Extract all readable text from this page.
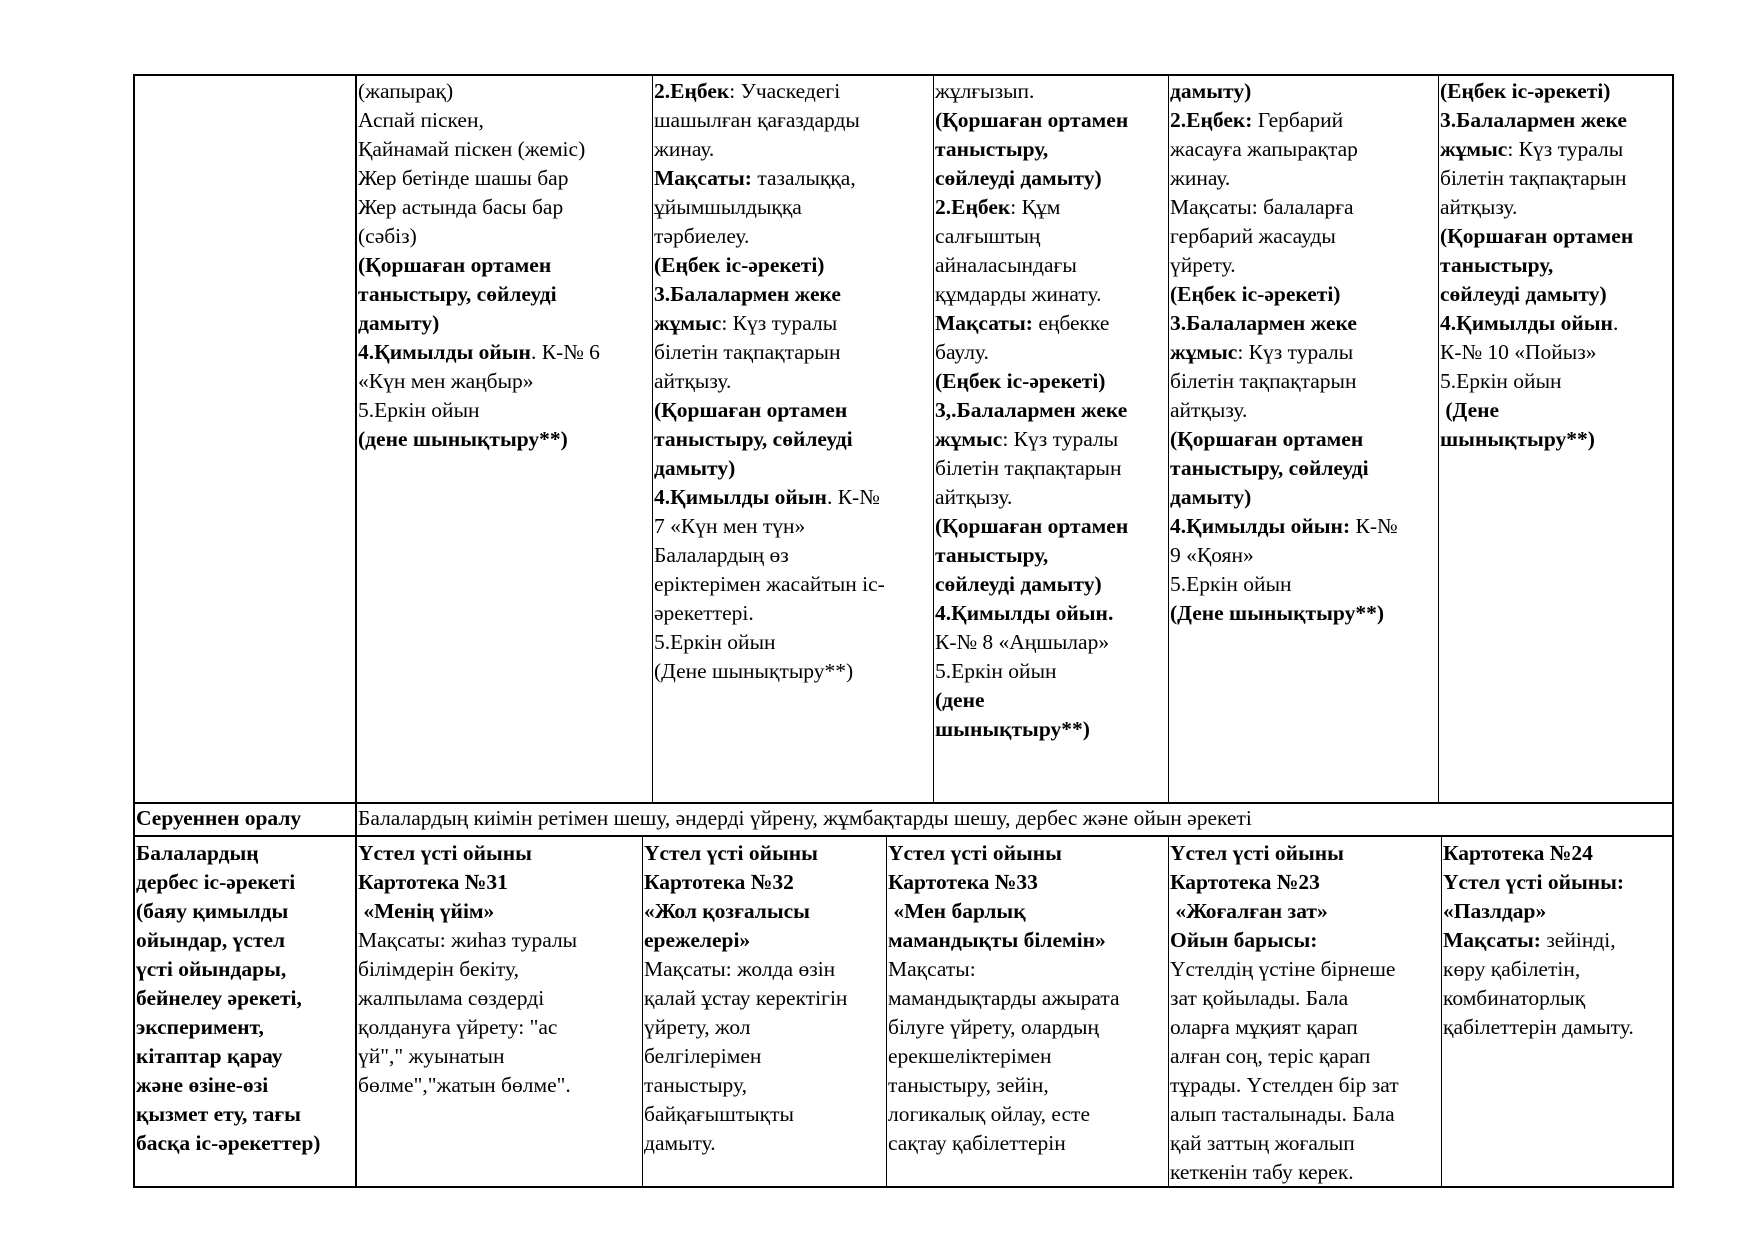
(жапырақ)
Аспай піскен,
Қайнамай піскен (жеміс)
Жер бетінде шашы бар
Жер астында басы бар
(сәбіз)
(Қоршаған ортамен
таныстыру, сөйлеуді
дамыту)
4.Қимылды ойын. К-№ 6
«Күн мен жаңбыр»
5.Еркін ойын
(дене шынықтыру**)
2.Еңбек: Учаскедегі
шашылған қағаздарды
жинау.
Мақсаты: тазалыққа,
ұйымшылдыққа
тәрбиелеу.
(Еңбек іс-әрекеті)
3.Балалармен жеке
жұмыс: Күз туралы
білетін тақпақтарын
айтқызу.
(Қоршаған ортамен
таныстыру, сөйлеуді
дамыту)
4.Қимылды ойын. К-№
7 «Күн мен түн»
Балалардың өз
еріктерімен жасайтын іс-
әрекеттері.
5.Еркін ойын
(Дене шынықтыру**)
жұлғызып.
(Қоршаған ортамен
таныстыру,
сөйлеуді дамыту)
2.Еңбек: Құм
салғыштың
айналасындағы
құмдарды жинату.
Мақсаты: еңбекке
баулу.
(Еңбек іс-әрекеті)
3,.Балалармен жеке
жұмыс: Күз туралы
білетін тақпақтарын
айтқызу.
(Қоршаған ортамен
таныстыру,
сөйлеуді дамыту)
4.Қимылды ойын.
К-№ 8 «Аңшылар»
5.Еркін ойын
(дене
шынықтыру**)
дамыту)
2.Еңбек: Гербарий
жасауға жапырақтар
жинау.
Мақсаты: балаларға
гербарий жасауды
үйрету.
(Еңбек іс-әрекеті)
3.Балалармен жеке
жұмыс: Күз туралы
білетін тақпақтарын
айтқызу.
(Қоршаған ортамен
таныстыру, сөйлеуді
дамыту)
4.Қимылды ойын: К-№
9 «Қоян»
5.Еркін ойын
(Дене шынықтыру**)
(Еңбек іс-әрекеті)
3.Балалармен жеке
жұмыс: Күз туралы
білетін тақпақтарын
айтқызу.
(Қоршаған ортамен
таныстыру,
сөйлеуді дамыту)
4.Қимылды ойын.
К-№ 10 «Пойыз»
5.Еркін ойын
(Дене
шынықтыру**)
Серуеннен оралу	Балалардың киімін ретімен шешу, әндерді үйрену, жұмбақтарды шешу, дербес және ойын әрекеті
Балалардың
дербес іс-әрекеті
(баяу қимылды
ойындар, үстел
үсті ойындары,
бейнелеу әрекеті,
эксперимент,
кітаптар қарау
және өзіне-өзі
қызмет ету, тағы
басқа іс-әрекеттер)
Үстел үсті ойыны
Картотека №31
«Менің үйім»
Мақсаты: жиһаз туралы
білімдерін бекіту,
жалпылама сөздерді
қолдануға үйрету: "ас
үй"," жуынатын
бөлме","жатын бөлме".
Үстел үсті ойыны
Картотека №32
«Жол қозғалысы
ережелері»
Мақсаты: жолда өзін
қалай ұстау керектігін
үйрету, жол
белгілерімен
таныстыру,
байқағыштықты
дамыту.
Үстел үсті ойыны
Картотека №33
«Мен барлық
мамандықты білемін»
Мақсаты:
мамандықтарды ажырата
білуге үйрету, олардың
ерекшеліктерімен
таныстыру, зейін,
логикалық ойлау, есте
сақтау қабілеттерін
Үстел үсті ойыны
Картотека №23
«Жоғалған зат»
Ойын барысы:
Үстелдің үстіне бірнеше
зат қойылады. Бала
оларға мұқият қарап
алған соң, теріс қарап
тұрады. Үстелден бір зат
алып тасталынады. Бала
қай заттың жоғалып
кеткенін табу керек.
Картотека №24
Үстел үсті ойыны:
«Пазлдар»
Мақсаты: зейінді,
көру қабілетін,
комбинаторлық
қабілеттерін дамыту.
